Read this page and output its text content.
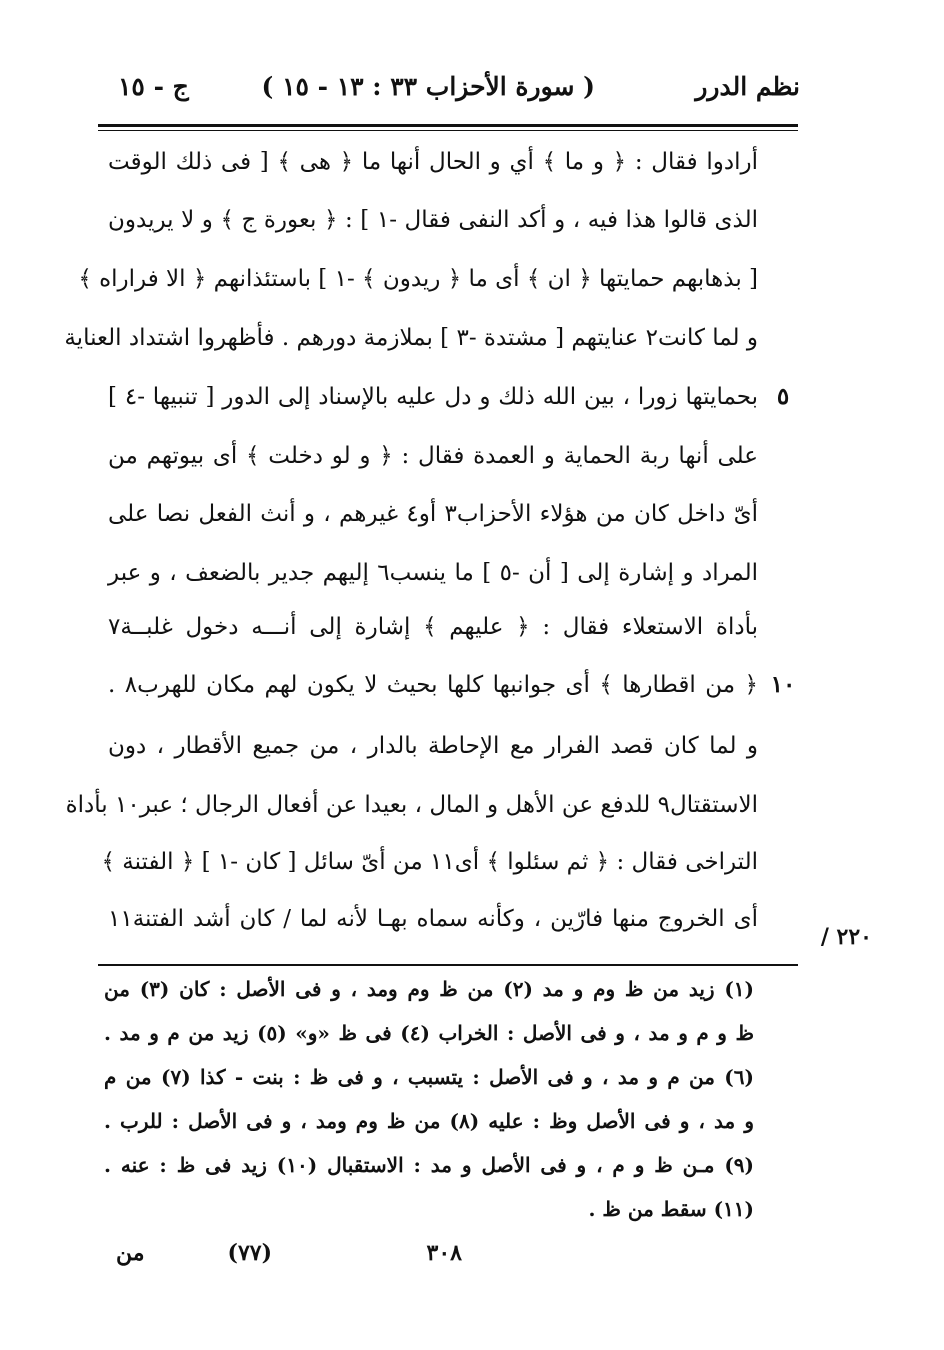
نظم الدرر
( سورة الأحزاب ٣٣ : ١٣ - ١٥ )
ج - ١٥
أرادوا فقال : ﴿ و ما ﴾ أي و الحال أنها ما ﴿ هى ﴾ [ فى ذلك الوقت
الذى قالوا هذا فيه ، و أكد النفى فقال -١ ] : ﴿ بعورة ج ﴾ و لا يريدون
[ بذهابهم حمايتها ﴿ ان ﴾ أى ما ﴿ ريدون ﴾ -١ ] باستئذانهم ﴿ الا فراراه ﴾
و لما كانت٢ عنايتهم [ مشتدة -٣ ] بملازمة دورهم . فأظهروا اشتداد العناية
بحمايتها زورا ، بين الله ذلك و دل عليه بالإسناد إلى الدور [ تنبيها -٤ ]
على أنها ربة الحماية و العمدة فقال : ﴿ و لو دخلت ﴾ أى بيوتهم من
أىّ داخل كان من هؤلاء الأحزاب٣ أو٤ غيرهم ، و أنث الفعل نصا على
المراد و إشارة إلى [ أن -٥ ] ما ينسب٦ إليهم جدير بالضعف ، و عبر
بأداة الاستعلاء فقال : ﴿ عليهم ﴾ إشارة إلى أنـــه دخول غلبــة٧
﴿ من اقطارها ﴾ أى جوانبها كلها بحيث لا يكون لهم مكان للهرب٨ .
و لما كان قصد الفرار مع الإحاطة بالدار ، من جميع الأقطار ، دون
الاستقتال٩ للدفع عن الأهل و المال ، بعيدا عن أفعال الرجال ؛ عبر١٠ بأداة
التراخى فقال : ﴿ ثم سئلوا ﴾ أى١١ من أىّ سائل [ كان -١ ] ﴿ الفتنة ﴾
أى الخروج منها فارّين ، وكأنه سماه بهـا لأنه لما / كان أشد الفتنة١١
٥
١٠
٢٢٠ /
(١) زيد من ظ وم و مد (٢) من ظ وم ومد ، و فى الأصل : كان (٣) من
ظ و م و مد ، و فى الأصل : الخراب (٤) فى ظ «و» (٥) زيد من م و مد .
(٦) من م و مد ، و فى الأصل : يتسبب ، و فى ظ : بنت - كذا (٧) من م
و مد ، و فى الأصل وظ : عليه (٨) من ظ وم ومد ، و فى الأصل : للرب .
(٩) مـن ظ و م ، و فى الأصل و مد : الاستقبال (١٠) زيد فى ظ : عنه .
(١١) سقط من ظ .
٣٠٨
(٧٧)
من
